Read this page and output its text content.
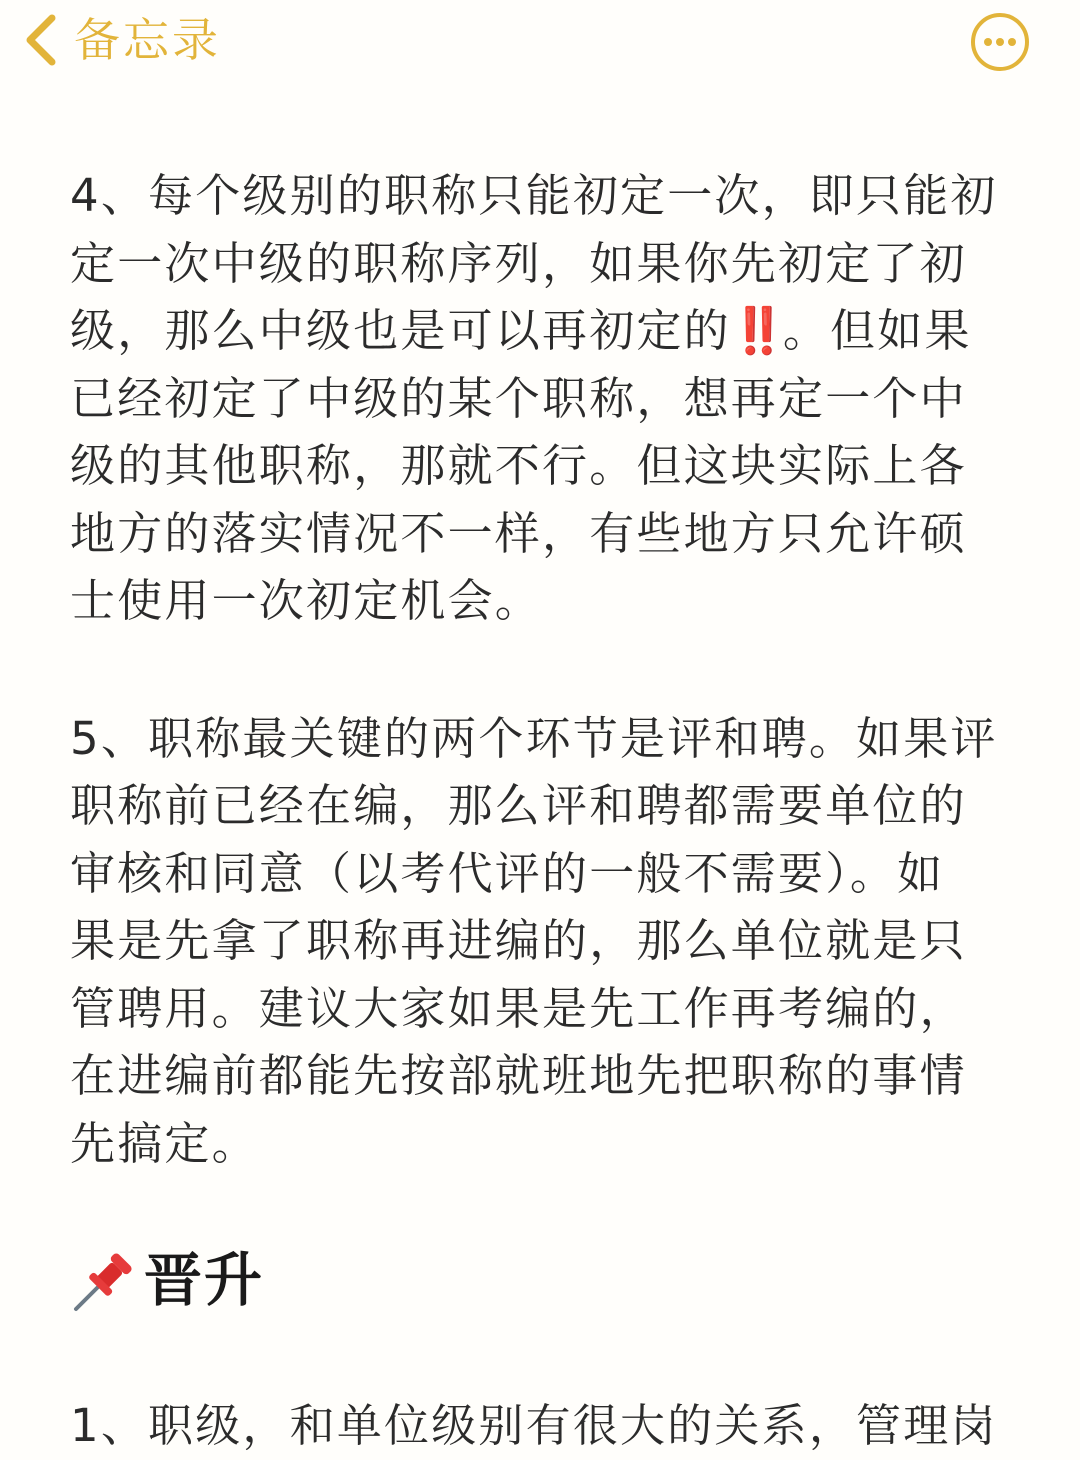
备忘录

4、每个级别的职称只能初定一次，即只能初
定一次中级的职称序列，如果你先初定了初
级，那么中级也是可以再初定的‼️。但如果
已经初定了中级的某个职称，想再定一个中
级的其他职称，那就不行。但这块实际上各
地方的落实情况不一样，有些地方只允许硕
士使用一次初定机会。

5、职称最关键的两个环节是评和聘。如果评
职称前已经在编，那么评和聘都需要单位的
审核和同意（以考代评的一般不需要）。如
果是先拿了职称再进编的，那么单位就是只
管聘用。建议大家如果是先工作再考编的，
在进编前都能先按部就班地先把职称的事情
先搞定。

晋升
1、职级，和单位级别有很大的关系，管理岗
